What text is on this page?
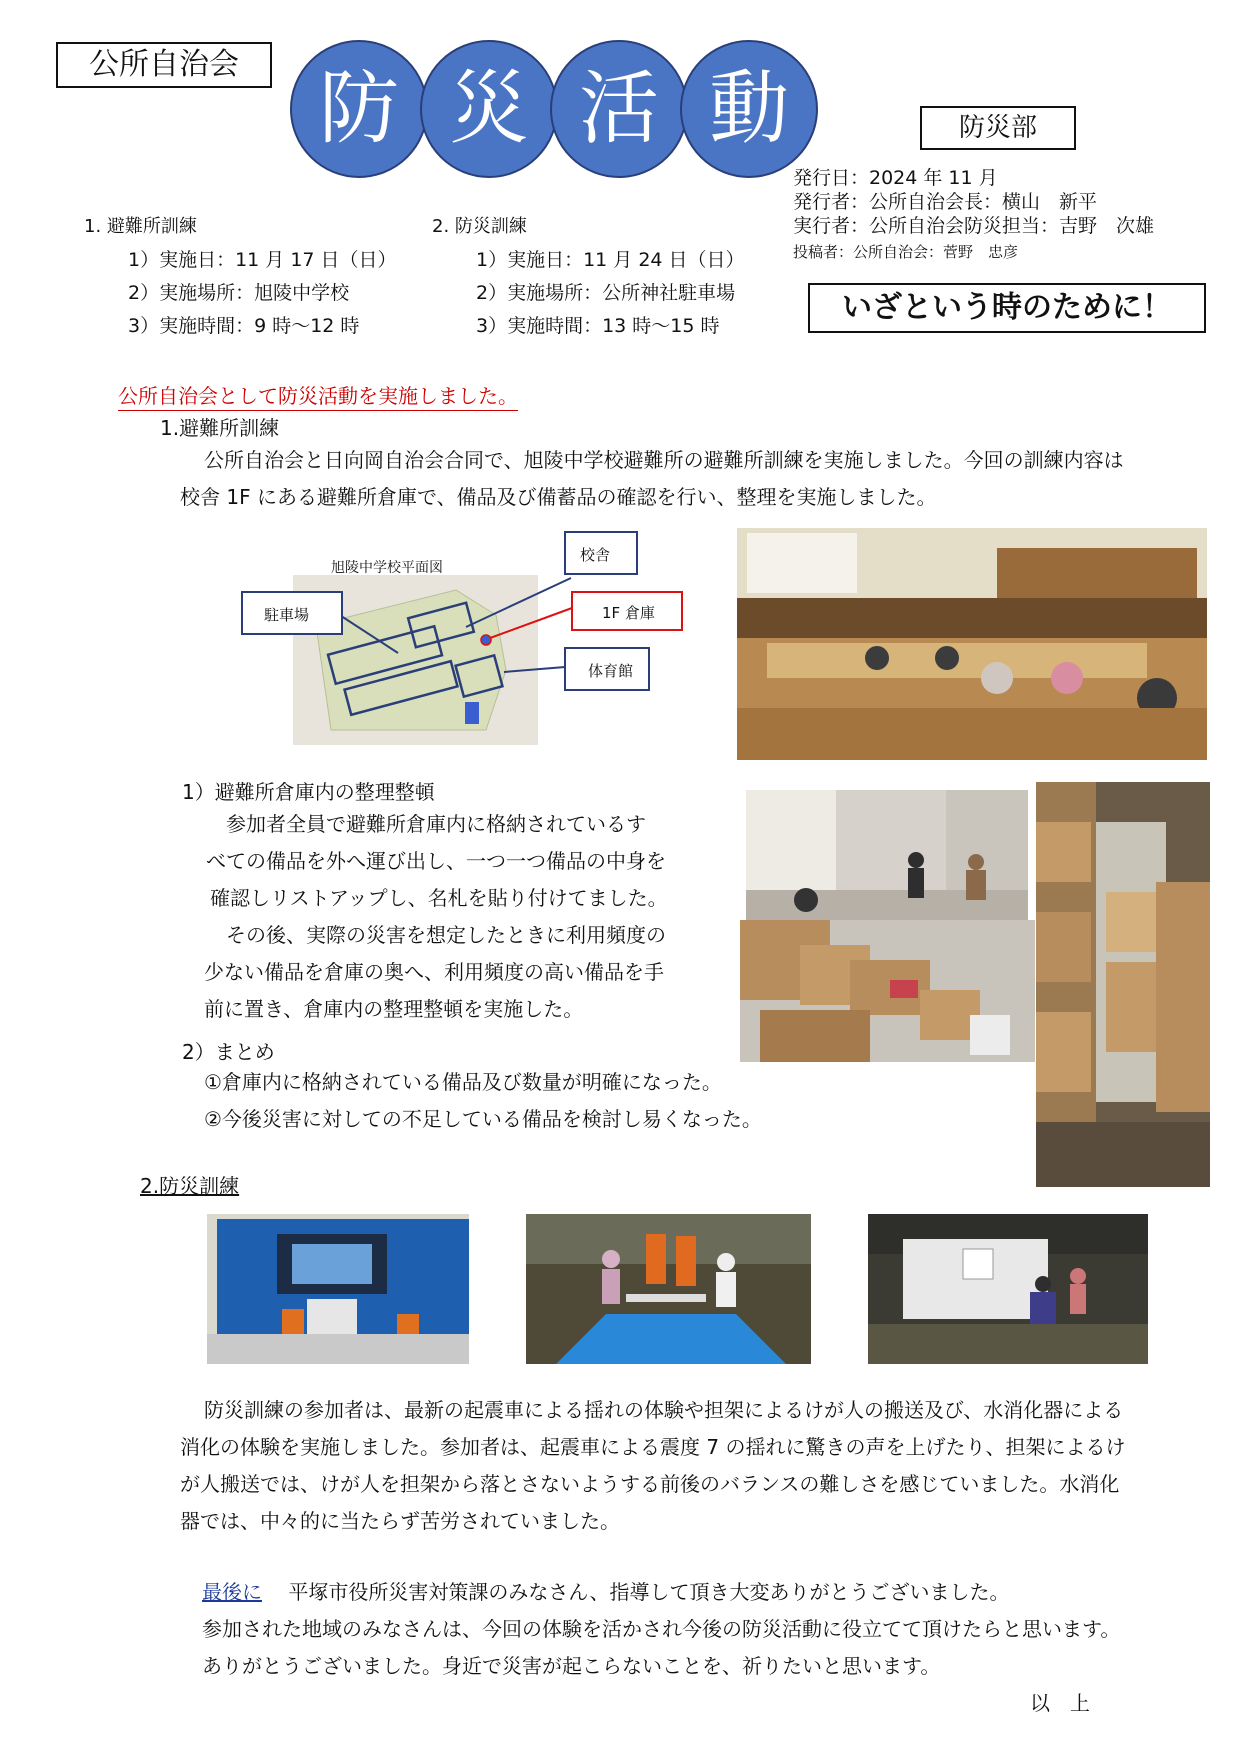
公所自治会	防 災 活 動	防災部
発行日：2024 年 11 月
発行者：公所自治会長：横山　新平
実行者：公所自治会防災担当：吉野　次雄
投稿者：公所自治会：菅野　忠彦
いざという時のために！
1. 避難所訓練
1）実施日：11 月 17 日（日）
2）実施場所：旭陵中学校
3）実施時間：9 時～12 時
2. 防災訓練
1）実施日：11 月 24 日（日）
2）実施場所：公所神社駐車場
3）実施時間：13 時～15 時
公所自治会として防災活動を実施しました。
1.避難所訓練
公所自治会と日向岡自治会合同で、旭陵中学校避難所の避難所訓練を実施しました。今回の訓練内容は
校舎 1F にある避難所倉庫で、備品及び備蓄品の確認を行い、整理を実施しました。
旭陵中学校平面図
校舎
駐車場	1F 倉庫
体育館
1）避難所倉庫内の整理整頓
参加者全員で避難所倉庫内に格納されているす
べての備品を外へ運び出し、一つ一つ備品の中身を
確認しリストアップし、名札を貼り付けてました。
その後、実際の災害を想定したときに利用頻度の
少ない備品を倉庫の奥へ、利用頻度の高い備品を手
前に置き、倉庫内の整理整頓を実施した。
2）まとめ
①倉庫内に格納されている備品及び数量が明確になった。
②今後災害に対しての不足している備品を検討し易くなった。
2.防災訓練
防災訓練の参加者は、最新の起震車による揺れの体験や担架によるけが人の搬送及び、水消化器による
消化の体験を実施しました。参加者は、起震車による震度 7 の揺れに驚きの声を上げたり、担架によるけ
が人搬送では、けが人を担架から落とさないようする前後のバランスの難しさを感じていました。水消化
器では、中々的に当たらず苦労されていました。
最後に 平塚市役所災害対策課のみなさん、指導して頂き大変ありがとうございました。
参加された地域のみなさんは、今回の体験を活かされ今後の防災活動に役立てて頂けたらと思います。
ありがとうございました。身近で災害が起こらないことを、祈りたいと思います。
以　上
